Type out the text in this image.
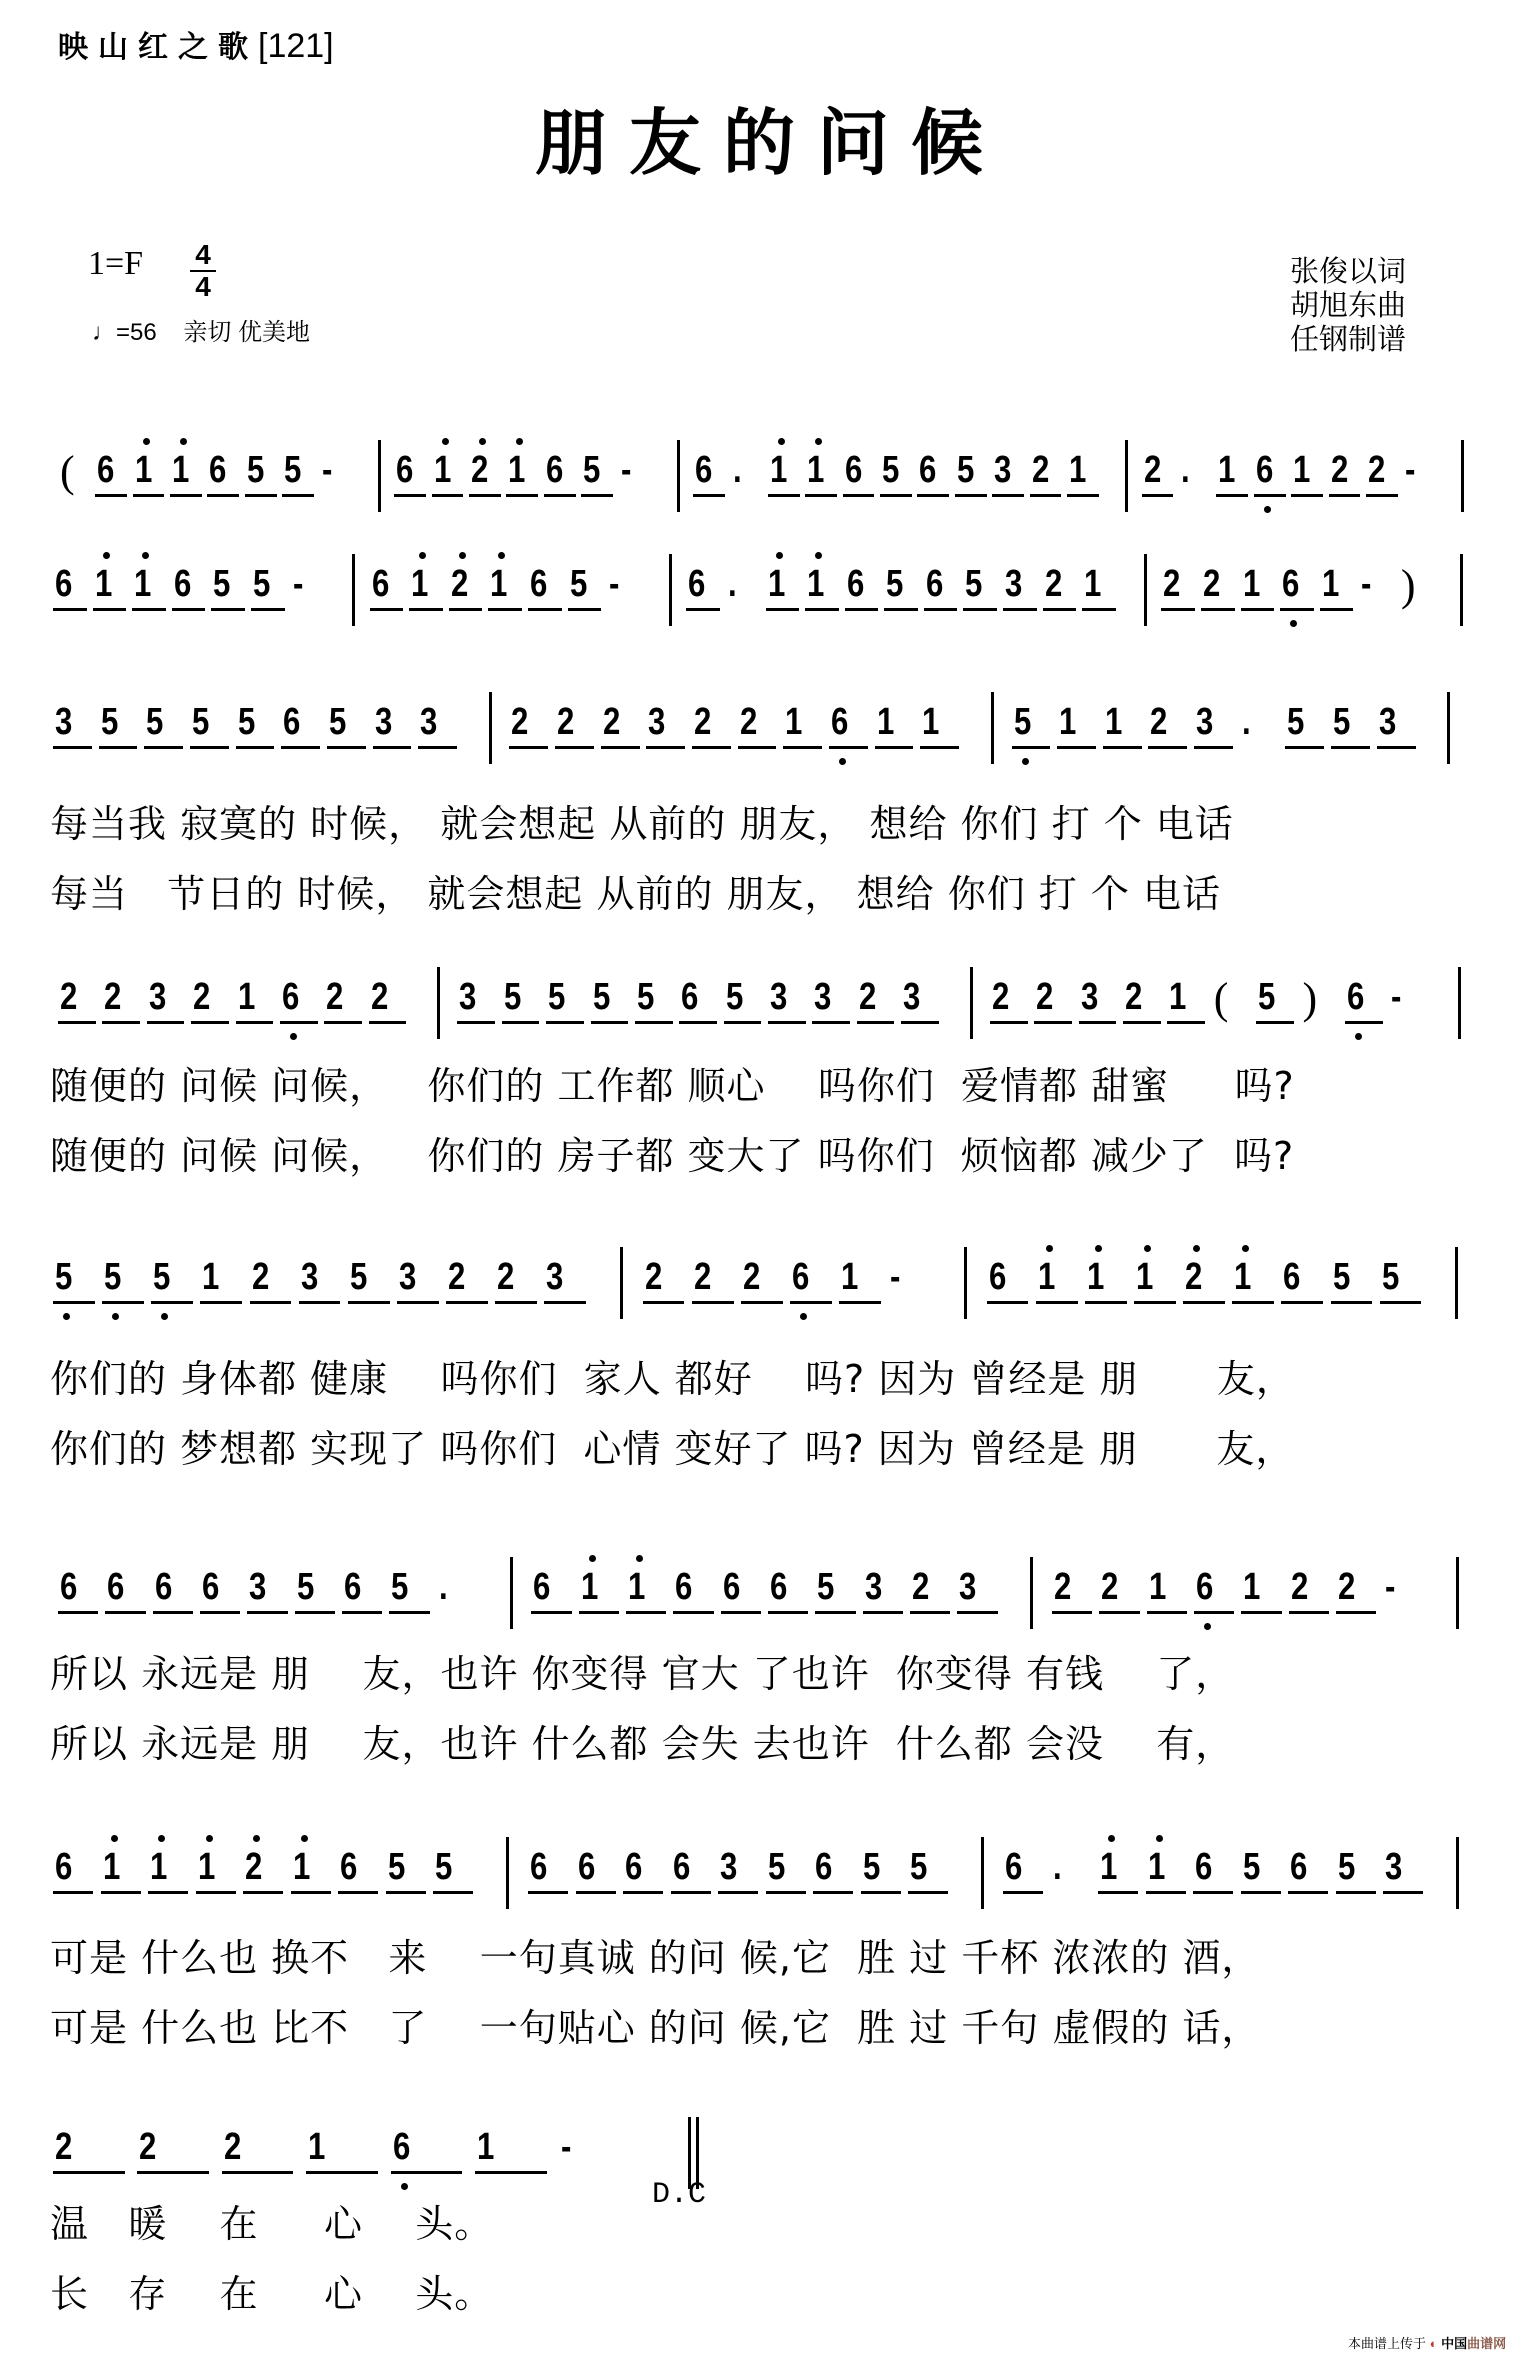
映山红之歌[121]
朋友的问候
1=F 4
4
♩=56 亲切 优美地
张俊以词
胡旭东曲
任钢制谱
( 6 1 1 6 5 5 - 6 1 2 1 6 5 - 6 . 1 1 6 5 6 5 3 2 1 2 . 1 6 1 2 2 -
6 1 1 6 5 5 - 6 1 2 1 6 5 - 6 . 1 1 6 5 6 5 3 2 1 2 2 1 6 1 - )
3 5 5 5 5 6 5 3 3 2 2 2 3 2 2 1 6 1 1 5 1 1 2 3 . 5 5 3
2 2 3 2 1 6 2 2 3 5 5 5 5 6 5 3 3 2 3 2 2 3 2 1 ( 5 ) 6 -
5 5 5 1 2 3 5 3 2 2 3 2 2 2 6 1 - 6 1 1 1 2 1 6 5 5
6 6 6 6 3 5 6 5 . 6 1 1 6 6 6 5 3 2 3 2 2 1 6 1 2 2 -
6 1 1 1 2 1 6 5 5 6 6 6 6 3 5 6 5 5 6 . 1 1 6 5 6 5 3
2 2 2 1 6 1 -
每当我 寂寞的 时候， 就会想起 从前的 朋友， 想给 你们 打 个 电话
每当   节日的 时候， 就会想起 从前的 朋友， 想给 你们 打 个 电话
随便的 问候 问候，   你们的 工作都 顺心    吗你们  爱情都 甜蜜     吗?
随便的 问候 问候，   你们的 房子都 变大了 吗你们  烦恼都 减少了  吗?
你们的 身体都 健康    吗你们  家人 都好    吗? 因为 曾经是 朋      友，
你们的 梦想都 实现了 吗你们  心情 变好了 吗? 因为 曾经是 朋      友，
所以 永远是 朋    友，也许 你变得 官大 了也许  你变得 有钱    了，
所以 永远是 朋    友，也许 什么都 会失 去也许  什么都 会没    有，
可是 什么也 换不   来    一句真诚 的问 候,它  胜 过 千杯 浓浓的 酒，
可是 什么也 比不   了    一句贴心 的问 候,它  胜 过 千句 虚假的 话，
温   暖    在     心    头。
长   存    在     心    头。
D.C
本曲谱上传于 ◐ 中国曲谱网
